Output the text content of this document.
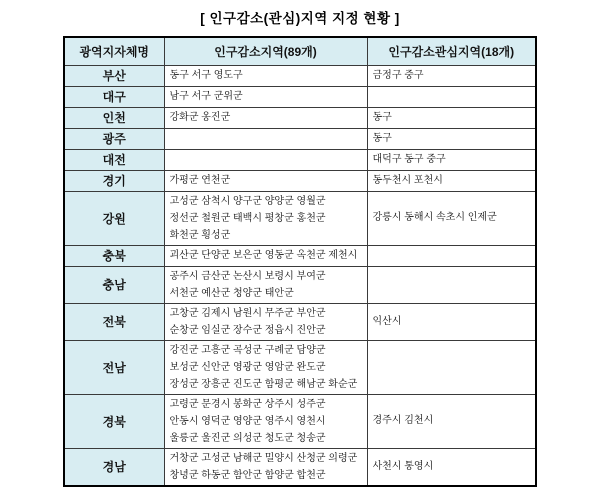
[ 인구감소(관심)지역 지정 현황 ]
광역지자체명	인구감소지역(89개)	인구감소관심지역(18개)
부산	동구 서구 영도구	금정구 중구

대구	남구 서구 군위군	

인천	강화군 옹진군	동구

광주		동구

대전		대덕구 동구 중구

경기	가평군 연천군	동두천시 포천시

강원	고성군 삼척시 양구군 양양군 영월군
정선군 철원군 태백시 평창군 홍천군
화천군 횡성군	강릉시 동해시 속초시 인제군

충북	괴산군 단양군 보은군 영동군 옥천군 제천시	

충남	공주시 금산군 논산시 보령시 부여군
서천군 예산군 청양군 태안군	

전북	고창군 김제시 남원시 무주군 부안군
순창군 임실군 장수군 정읍시 진안군	익산시

전남	강진군 고흥군 곡성군 구례군 담양군
보성군 신안군 영광군 영암군 완도군
장성군 장흥군 진도군 함평군 해남군 화순군	

경북	고령군 문경시 봉화군 상주시 성주군
안동시 영덕군 영양군 영주시 영천시
울릉군 울진군 의성군 청도군 청송군	경주시 김천시

경남	거창군 고성군 남해군 밀양시 산청군 의령군
창녕군 하동군 함안군 함양군 합천군	사천시 통영시
